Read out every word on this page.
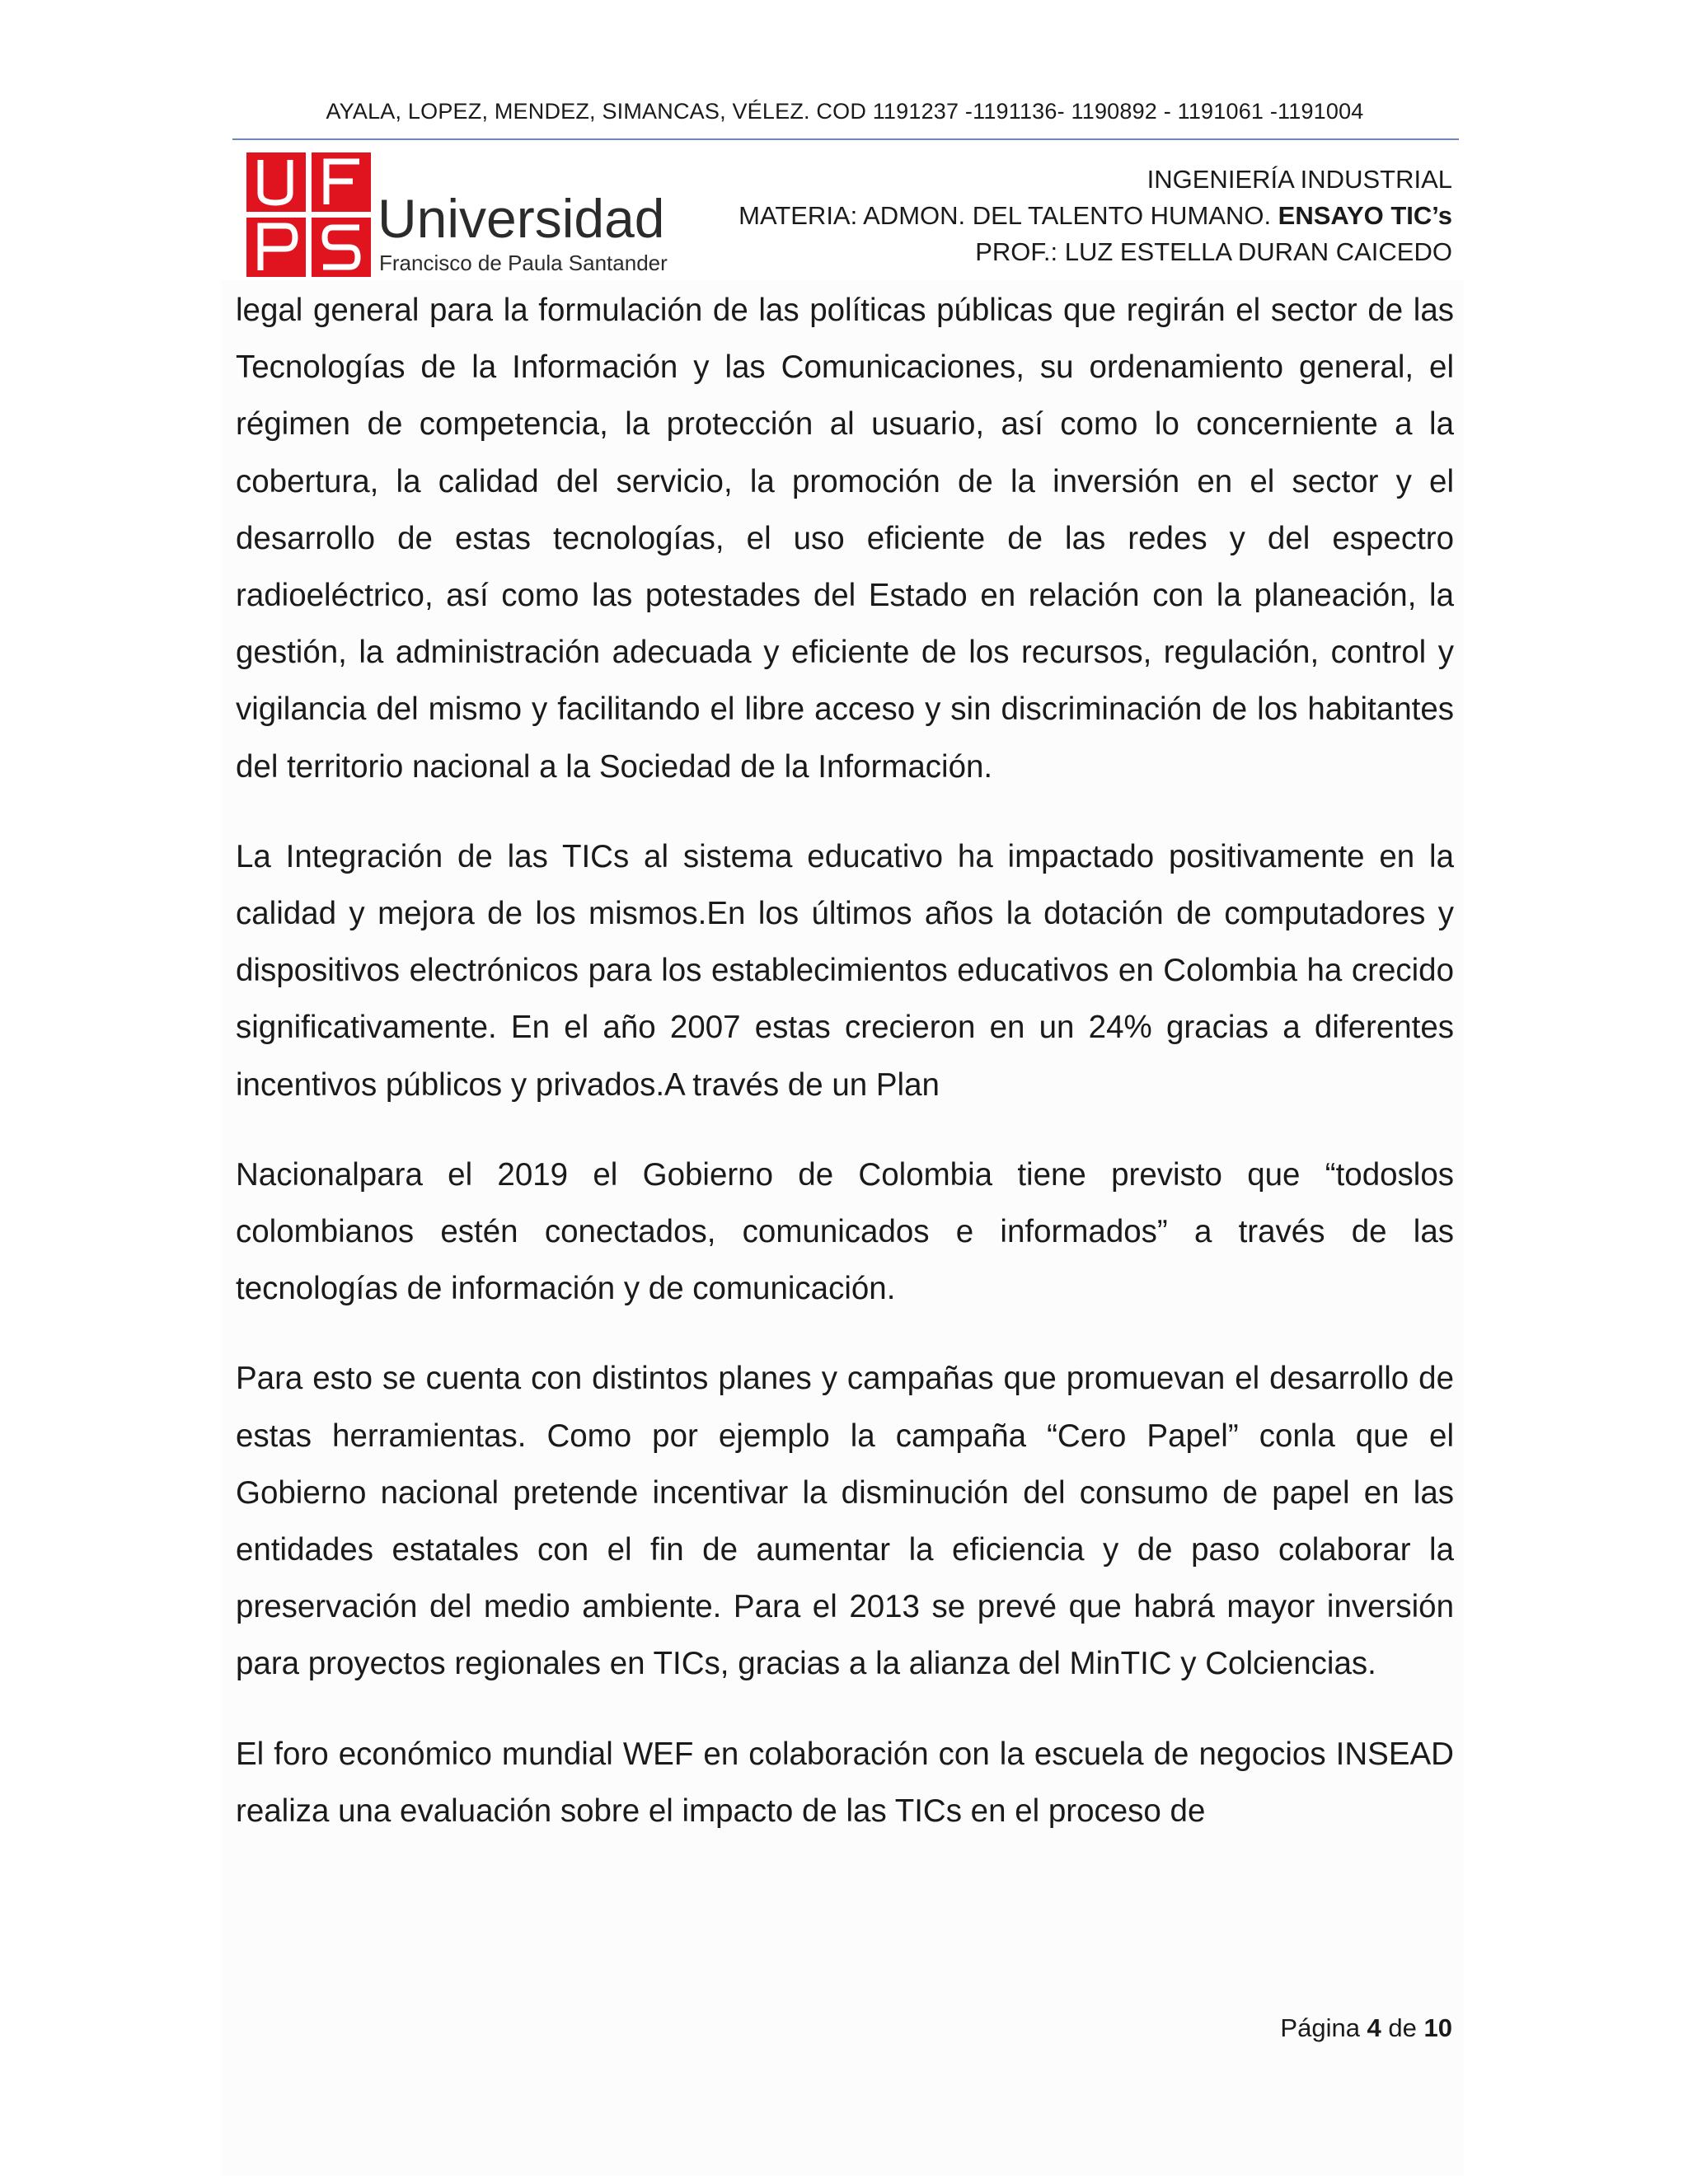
AYALA, LOPEZ, MENDEZ, SIMANCAS, VÉLEZ. COD 1191237 -1191136- 1190892 - 1191061 -1191004
Universidad
Francisco de Paula Santander
INGENIERÍA INDUSTRIAL
MATERIA: ADMON. DEL TALENTO HUMANO. ENSAYO TIC’s
PROF.: LUZ ESTELLA DURAN CAICEDO

legal general para la formulación de las políticas públicas que regirán el sector de las Tecnologías de la Información y las Comunicaciones, su ordenamiento general, el régimen de competencia, la protección al usuario, así como lo concerniente a la cobertura, la calidad del servicio, la promoción de la inversión en el sector y el desarrollo de estas tecnologías, el uso eficiente de las redes y del espectro radioeléctrico, así como las potestades del Estado en relación con la planeación, la gestión, la administración adecuada y eficiente de los recursos, regulación, control y vigilancia del mismo y facilitando el libre acceso y sin discriminación de los habitantes del territorio nacional a la Sociedad de la Información.

La Integración de las TICs al sistema educativo ha impactado positivamente en la calidad y mejora de los mismos.En los últimos años la dotación de computadores y dispositivos electrónicos para los establecimientos educativos en Colombia ha crecido significativamente. En el año 2007 estas crecieron en un 24% gracias a diferentes incentivos públicos y privados.A través de un Plan

Nacionalpara el 2019 el Gobierno de Colombia tiene previsto que “todoslos colombianos estén conectados, comunicados e informados” a través de las tecnologías de información y de comunicación.

Para esto se cuenta con distintos planes y campañas que promuevan el desarrollo de estas herramientas. Como por ejemplo la campaña “Cero Papel” conla que el Gobierno nacional pretende incentivar la disminución del consumo de papel en las entidades estatales con el fin de aumentar la eficiencia y de paso colaborar la preservación del medio ambiente. Para el 2013 se prevé que habrá mayor inversión para proyectos regionales en TICs, gracias a la alianza del MinTIC y Colciencias.

El foro económico mundial WEF en colaboración con la escuela de negocios INSEAD realiza una evaluación sobre el impacto de las TICs en el proceso de

Página 4 de 10
